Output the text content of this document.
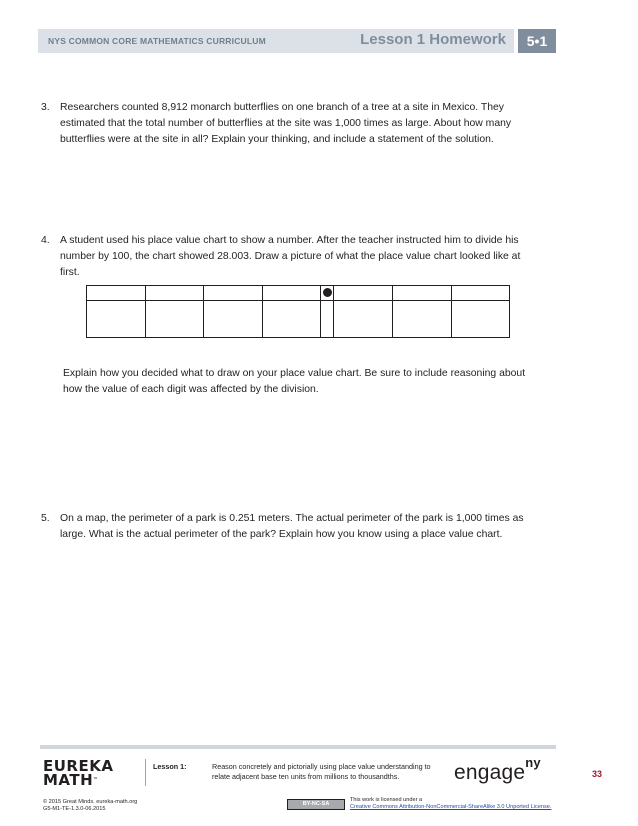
NYS COMMON CORE MATHEMATICS CURRICULUM	Lesson 1 Homework	5•1
3. Researchers counted 8,912 monarch butterflies on one branch of a tree at a site in Mexico. They
estimated that the total number of butterflies at the site was 1,000 times as large. About how many
butterflies were at the site in all? Explain your thinking, and include a statement of the solution.
4. A student used his place value chart to show a number. After the teacher instructed him to divide his
number by 100, the chart showed 28.003. Draw a picture of what the place value chart looked like at
first.
Explain how you decided what to draw on your place value chart. Be sure to include reasoning about
how the value of each digit was affected by the division.
5. On a map, the perimeter of a park is 0.251 meters. The actual perimeter of the park is 1,000 times as
large. What is the actual perimeter of the park? Explain how you know using a place value chart.
EUREKA
MATH™
Lesson 1:	Reason concretely and pictorially using place value understanding to
relate adjacent base ten units from millions to thousandths.	engage$^{ny}$
33
© 2015 Great Minds. eureka-math.org
G5-M1-TE-1.3.0-06.2015
BY-NC-SA
This work is licensed under a
Creative Commons Attribution-NonCommercial-ShareAlike 3.0 Unported License.
